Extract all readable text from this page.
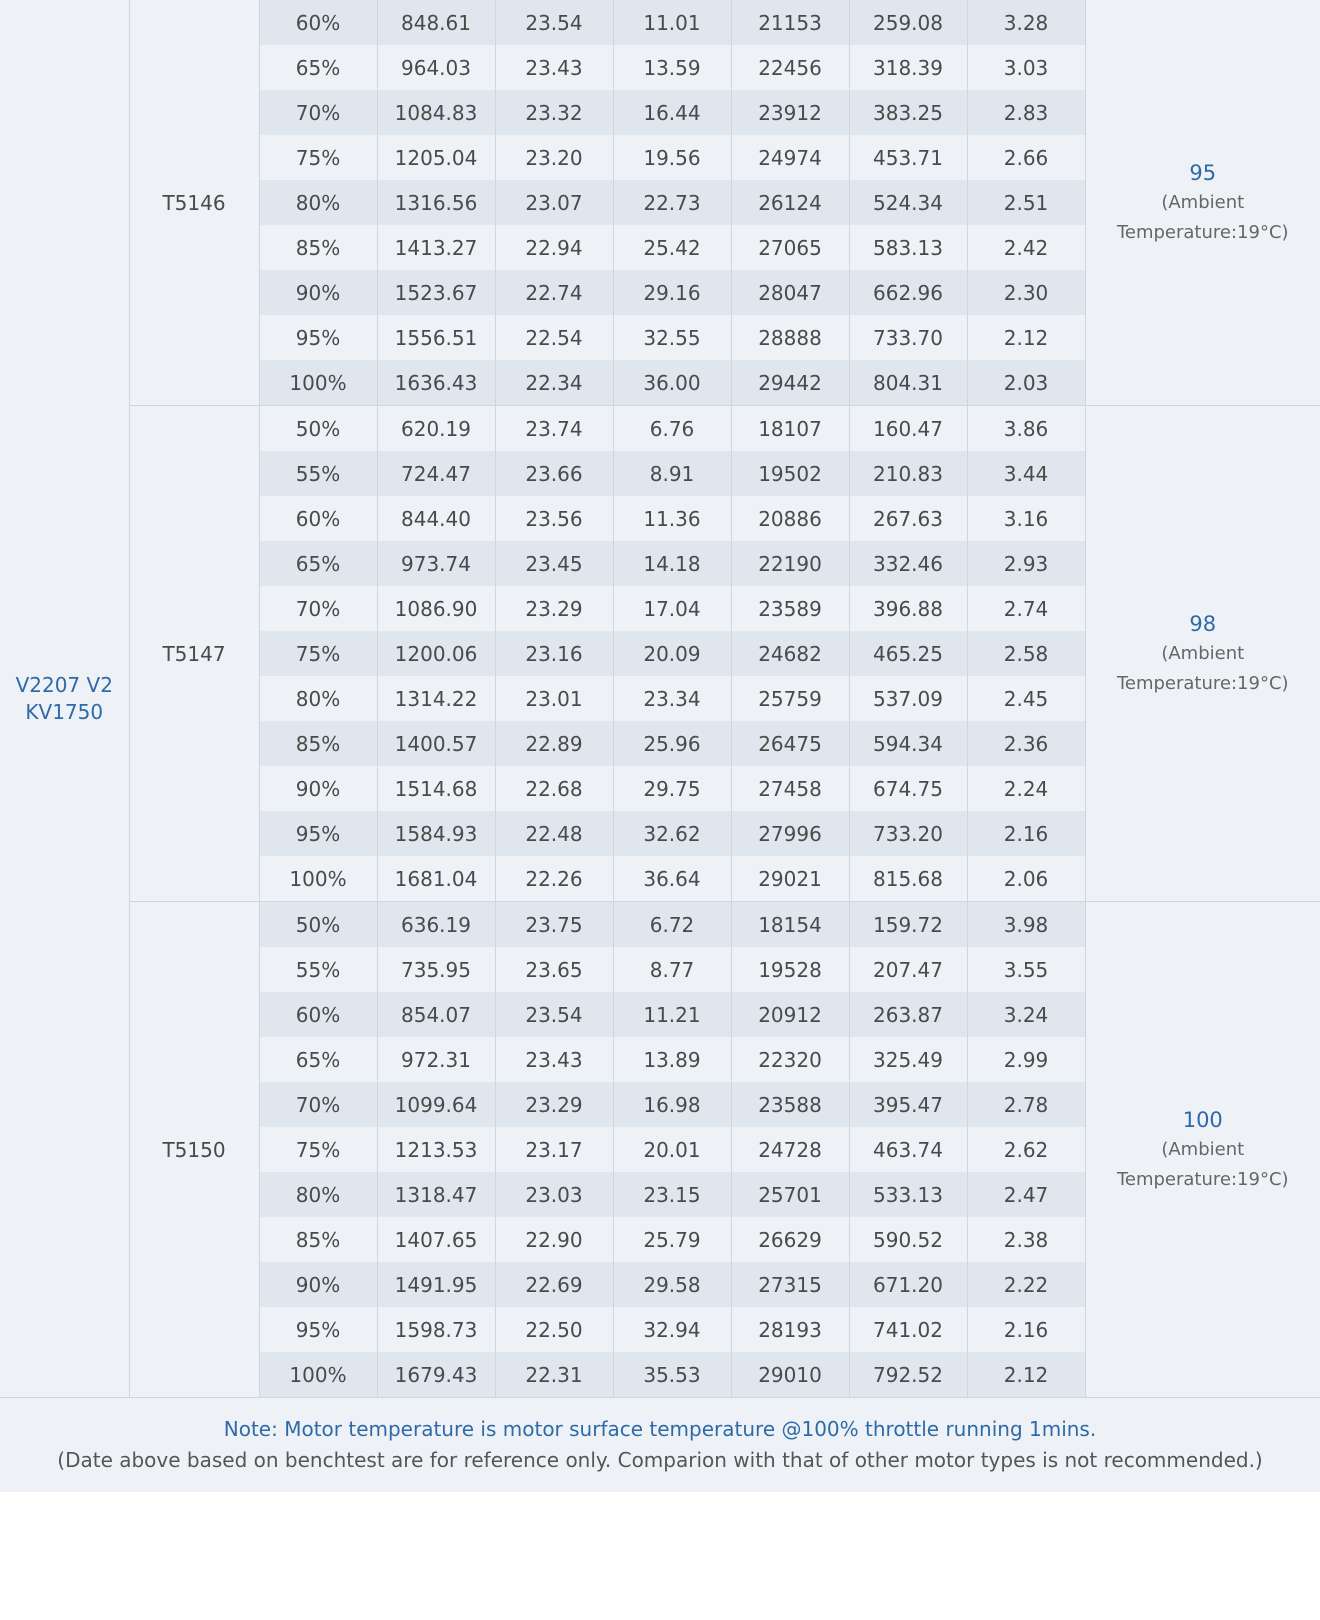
V2207 V2 KV1750	T5146	60%	848.61	23.54	11.01	21153	259.08	3.28	95
(Ambient Temperature:19°C)

		65%	964.03	23.43	13.59	22456	318.39	3.03	
		70%	1084.83	23.32	16.44	23912	383.25	2.83	
		75%	1205.04	23.20	19.56	24974	453.71	2.66	
		80%	1316.56	23.07	22.73	26124	524.34	2.51	
		85%	1413.27	22.94	25.42	27065	583.13	2.42	
		90%	1523.67	22.74	29.16	28047	662.96	2.30	
		95%	1556.51	22.54	32.55	28888	733.70	2.12	
		100%	1636.43	22.34	36.00	29442	804.31	2.03	
	T5147	50%	620.19	23.74	6.76	18107	160.47	3.86	98
(Ambient Temperature:19°C)

		55%	724.47	23.66	8.91	19502	210.83	3.44	
		60%	844.40	23.56	11.36	20886	267.63	3.16	
		65%	973.74	23.45	14.18	22190	332.46	2.93	
		70%	1086.90	23.29	17.04	23589	396.88	2.74	
		75%	1200.06	23.16	20.09	24682	465.25	2.58	
		80%	1314.22	23.01	23.34	25759	537.09	2.45	
		85%	1400.57	22.89	25.96	26475	594.34	2.36	
		90%	1514.68	22.68	29.75	27458	674.75	2.24	
		95%	1584.93	22.48	32.62	27996	733.20	2.16	
		100%	1681.04	22.26	36.64	29021	815.68	2.06	
	T5150	50%	636.19	23.75	6.72	18154	159.72	3.98	100
(Ambient Temperature:19°C)

		55%	735.95	23.65	8.77	19528	207.47	3.55	
		60%	854.07	23.54	11.21	20912	263.87	3.24	
		65%	972.31	23.43	13.89	22320	325.49	2.99	
		70%	1099.64	23.29	16.98	23588	395.47	2.78	
		75%	1213.53	23.17	20.01	24728	463.74	2.62	
		80%	1318.47	23.03	23.15	25701	533.13	2.47	
		85%	1407.65	22.90	25.79	26629	590.52	2.38	
		90%	1491.95	22.69	29.58	27315	671.20	2.22	
		95%	1598.73	22.50	32.94	28193	741.02	2.16	
		100%	1679.43	22.31	35.53	29010	792.52	2.12	
Note: Motor temperature is motor surface temperature @100% throttle running 1mins.
(Date above based on benchtest are for reference only. Comparion with that of other motor types is not recommended.)
